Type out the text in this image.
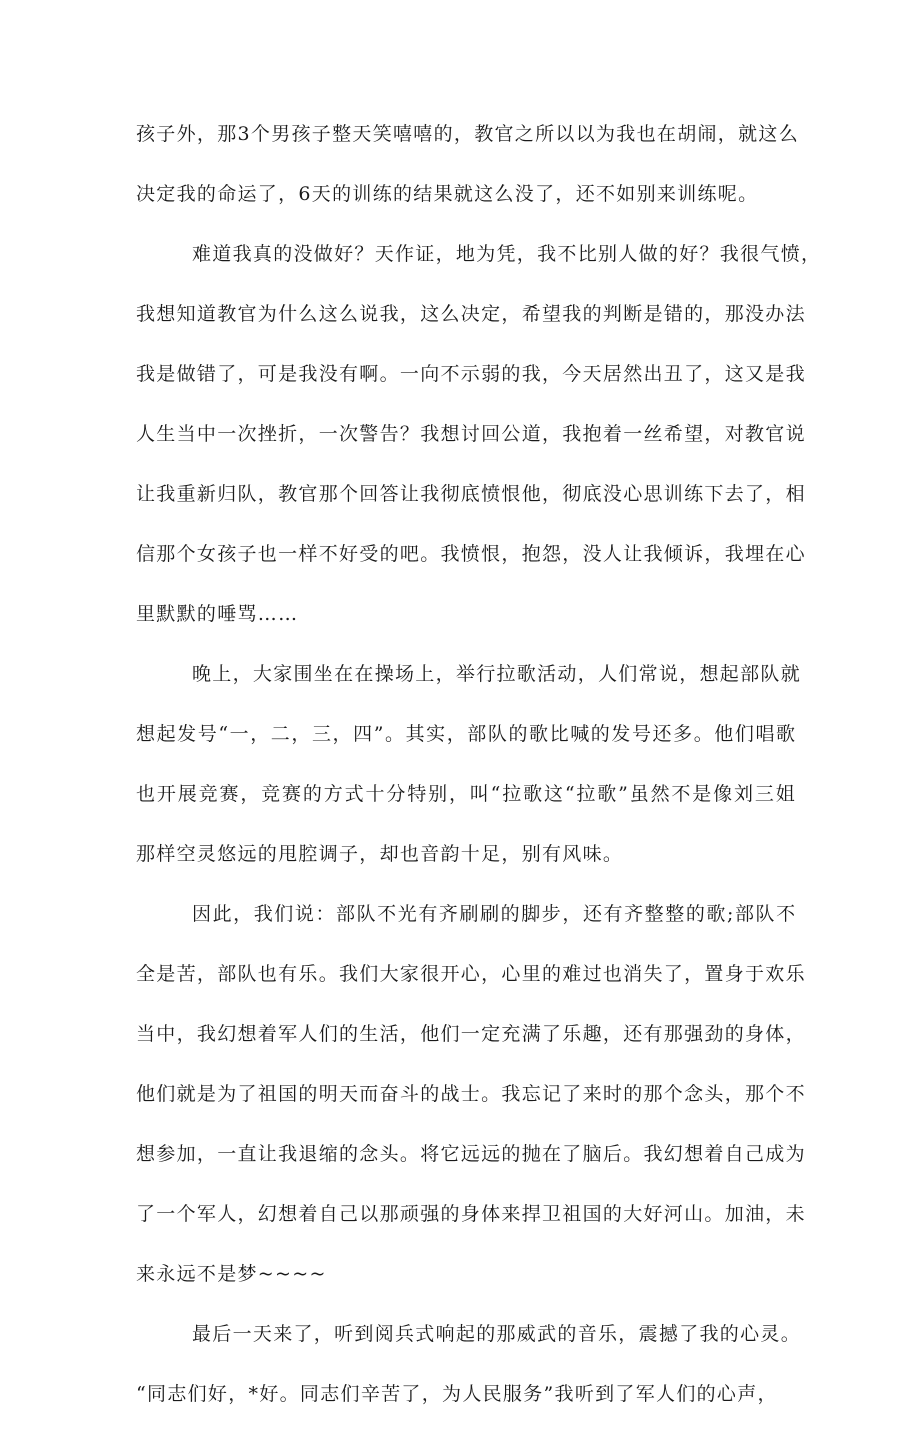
孩子外，那3个男孩子整天笑嘻嘻的，教官之所以以为我也在胡闹，就这么
决定我的命运了，6天的训练的结果就这么没了，还不如别来训练呢。
难道我真的没做好？天作证，地为凭，我不比别人做的好？我很气愤，
我想知道教官为什么这么说我，这么决定，希望我的判断是错的，那没办法
我是做错了，可是我没有啊。一向不示弱的我，今天居然出丑了，这又是我
人生当中一次挫折，一次警告？我想讨回公道，我抱着一丝希望，对教官说
让我重新归队，教官那个回答让我彻底愤恨他，彻底没心思训练下去了，相
信那个女孩子也一样不好受的吧。我愤恨，抱怨，没人让我倾诉，我埋在心
里默默的唾骂……
晚上，大家围坐在在操场上，举行拉歌活动，人们常说，想起部队就
想起发号“一，二，三，四”。其实，部队的歌比喊的发号还多。他们唱歌
也开展竞赛，竞赛的方式十分特别，叫“拉歌这“拉歌”虽然不是像刘三姐
那样空灵悠远的甩腔调子，却也音韵十足，别有风味。
因此，我们说：部队不光有齐刷刷的脚步，还有齐整整的歌;部队不
全是苦，部队也有乐。我们大家很开心，心里的难过也消失了，置身于欢乐
当中，我幻想着军人们的生活，他们一定充满了乐趣，还有那强劲的身体，
他们就是为了祖国的明天而奋斗的战士。我忘记了来时的那个念头，那个不
想参加，一直让我退缩的念头。将它远远的抛在了脑后。我幻想着自己成为
了一个军人，幻想着自己以那顽强的身体来捍卫祖国的大好河山。加油，未
来永远不是梦~~~~
最后一天来了，听到阅兵式响起的那威武的音乐，震撼了我的心灵。
“同志们好，*好。同志们辛苦了，为人民服务”我听到了军人们的心声，
